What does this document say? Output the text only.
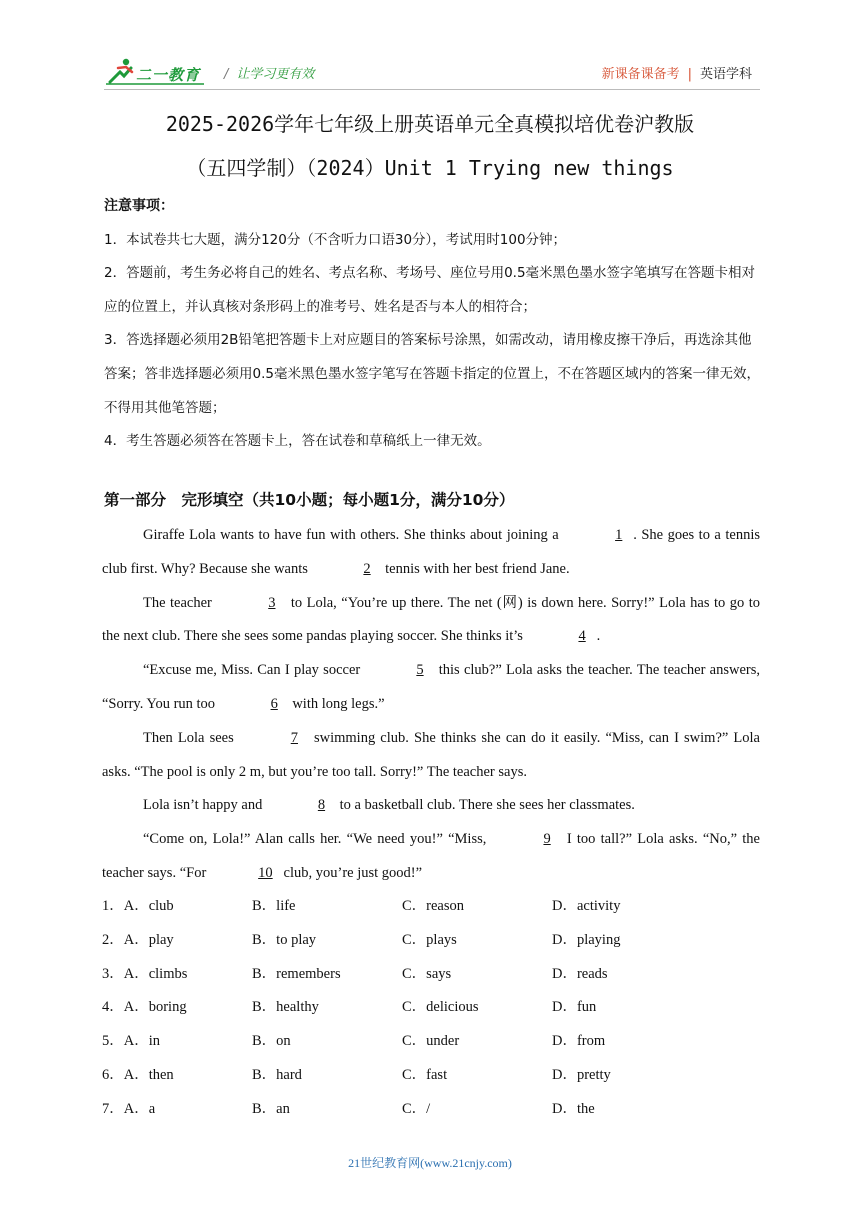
二一教育 / 让学习更有效	新课备课备考 | 英语学科
2025-2026学年七年级上册英语单元全真模拟培优卷沪教版
（五四学制）（2024）Unit 1 Trying new things
注意事项：
1．本试卷共七大题，满分120分（不含听力口语30分），考试用时100分钟；
2．答题前，考生务必将自己的姓名、考点名称、考场号、座位号用0.5毫米黑色墨水签字笔填写在答题卡相对应的位置上，并认真核对条形码上的准考号、姓名是否与本人的相符合；
3．答选择题必须用2B铅笔把答题卡上对应题目的答案标号涂黑，如需改动，请用橡皮擦干净后，再选涂其他答案；答非选择题必须用0.5毫米黑色墨水签字笔写在答题卡指定的位置上，不在答题区域内的答案一律无效，不得用其他笔答题；
4．考生答题必须答在答题卡上，答在试卷和草稿纸上一律无效。
第一部分　完形填空（共10小题；每小题1分，满分10分）

Giraffe Lola wants to have fun with others. She thinks about joining a	1 . She goes to a tennis club first. Why? Because she wants	2 tennis with her best friend Jane.

The teacher	3 to Lola, “You’re up there. The net (网) is down here. Sorry!” Lola has to go to the next club. There she sees some pandas playing soccer. She thinks it’s	4 .

“Excuse me, Miss. Can I play soccer	5 this club?” Lola asks the teacher. The teacher answers, “Sorry. You run too	6 with long legs.”

Then Lola sees	7 swimming club. She thinks she can do it easily. “Miss, can I swim?” Lola asks. “The pool is only 2 m, but you’re too tall. Sorry!” The teacher says.

Lola isn’t happy and	8 to a basketball club. There she sees her classmates.

“Come on, Lola!” Alan calls her. “We need you!” “Miss,	9 I too tall?” Lola asks. “No,” the teacher says. “For	10 club, you’re just good!”

1．A．club	B．life	C．reason	D．activity
2．A．play	B．to play	C．plays	D．playing
3．A．climbs	B．remembers	C．says	D．reads
4．A．boring	B．healthy	C．delicious	D．fun
5．A．in	B．on	C．under	D．from
6．A．then	B．hard	C．fast	D．pretty
7．A．a	B．an	C．/	D．the
21世纪教育网(www.21cnjy.com)
